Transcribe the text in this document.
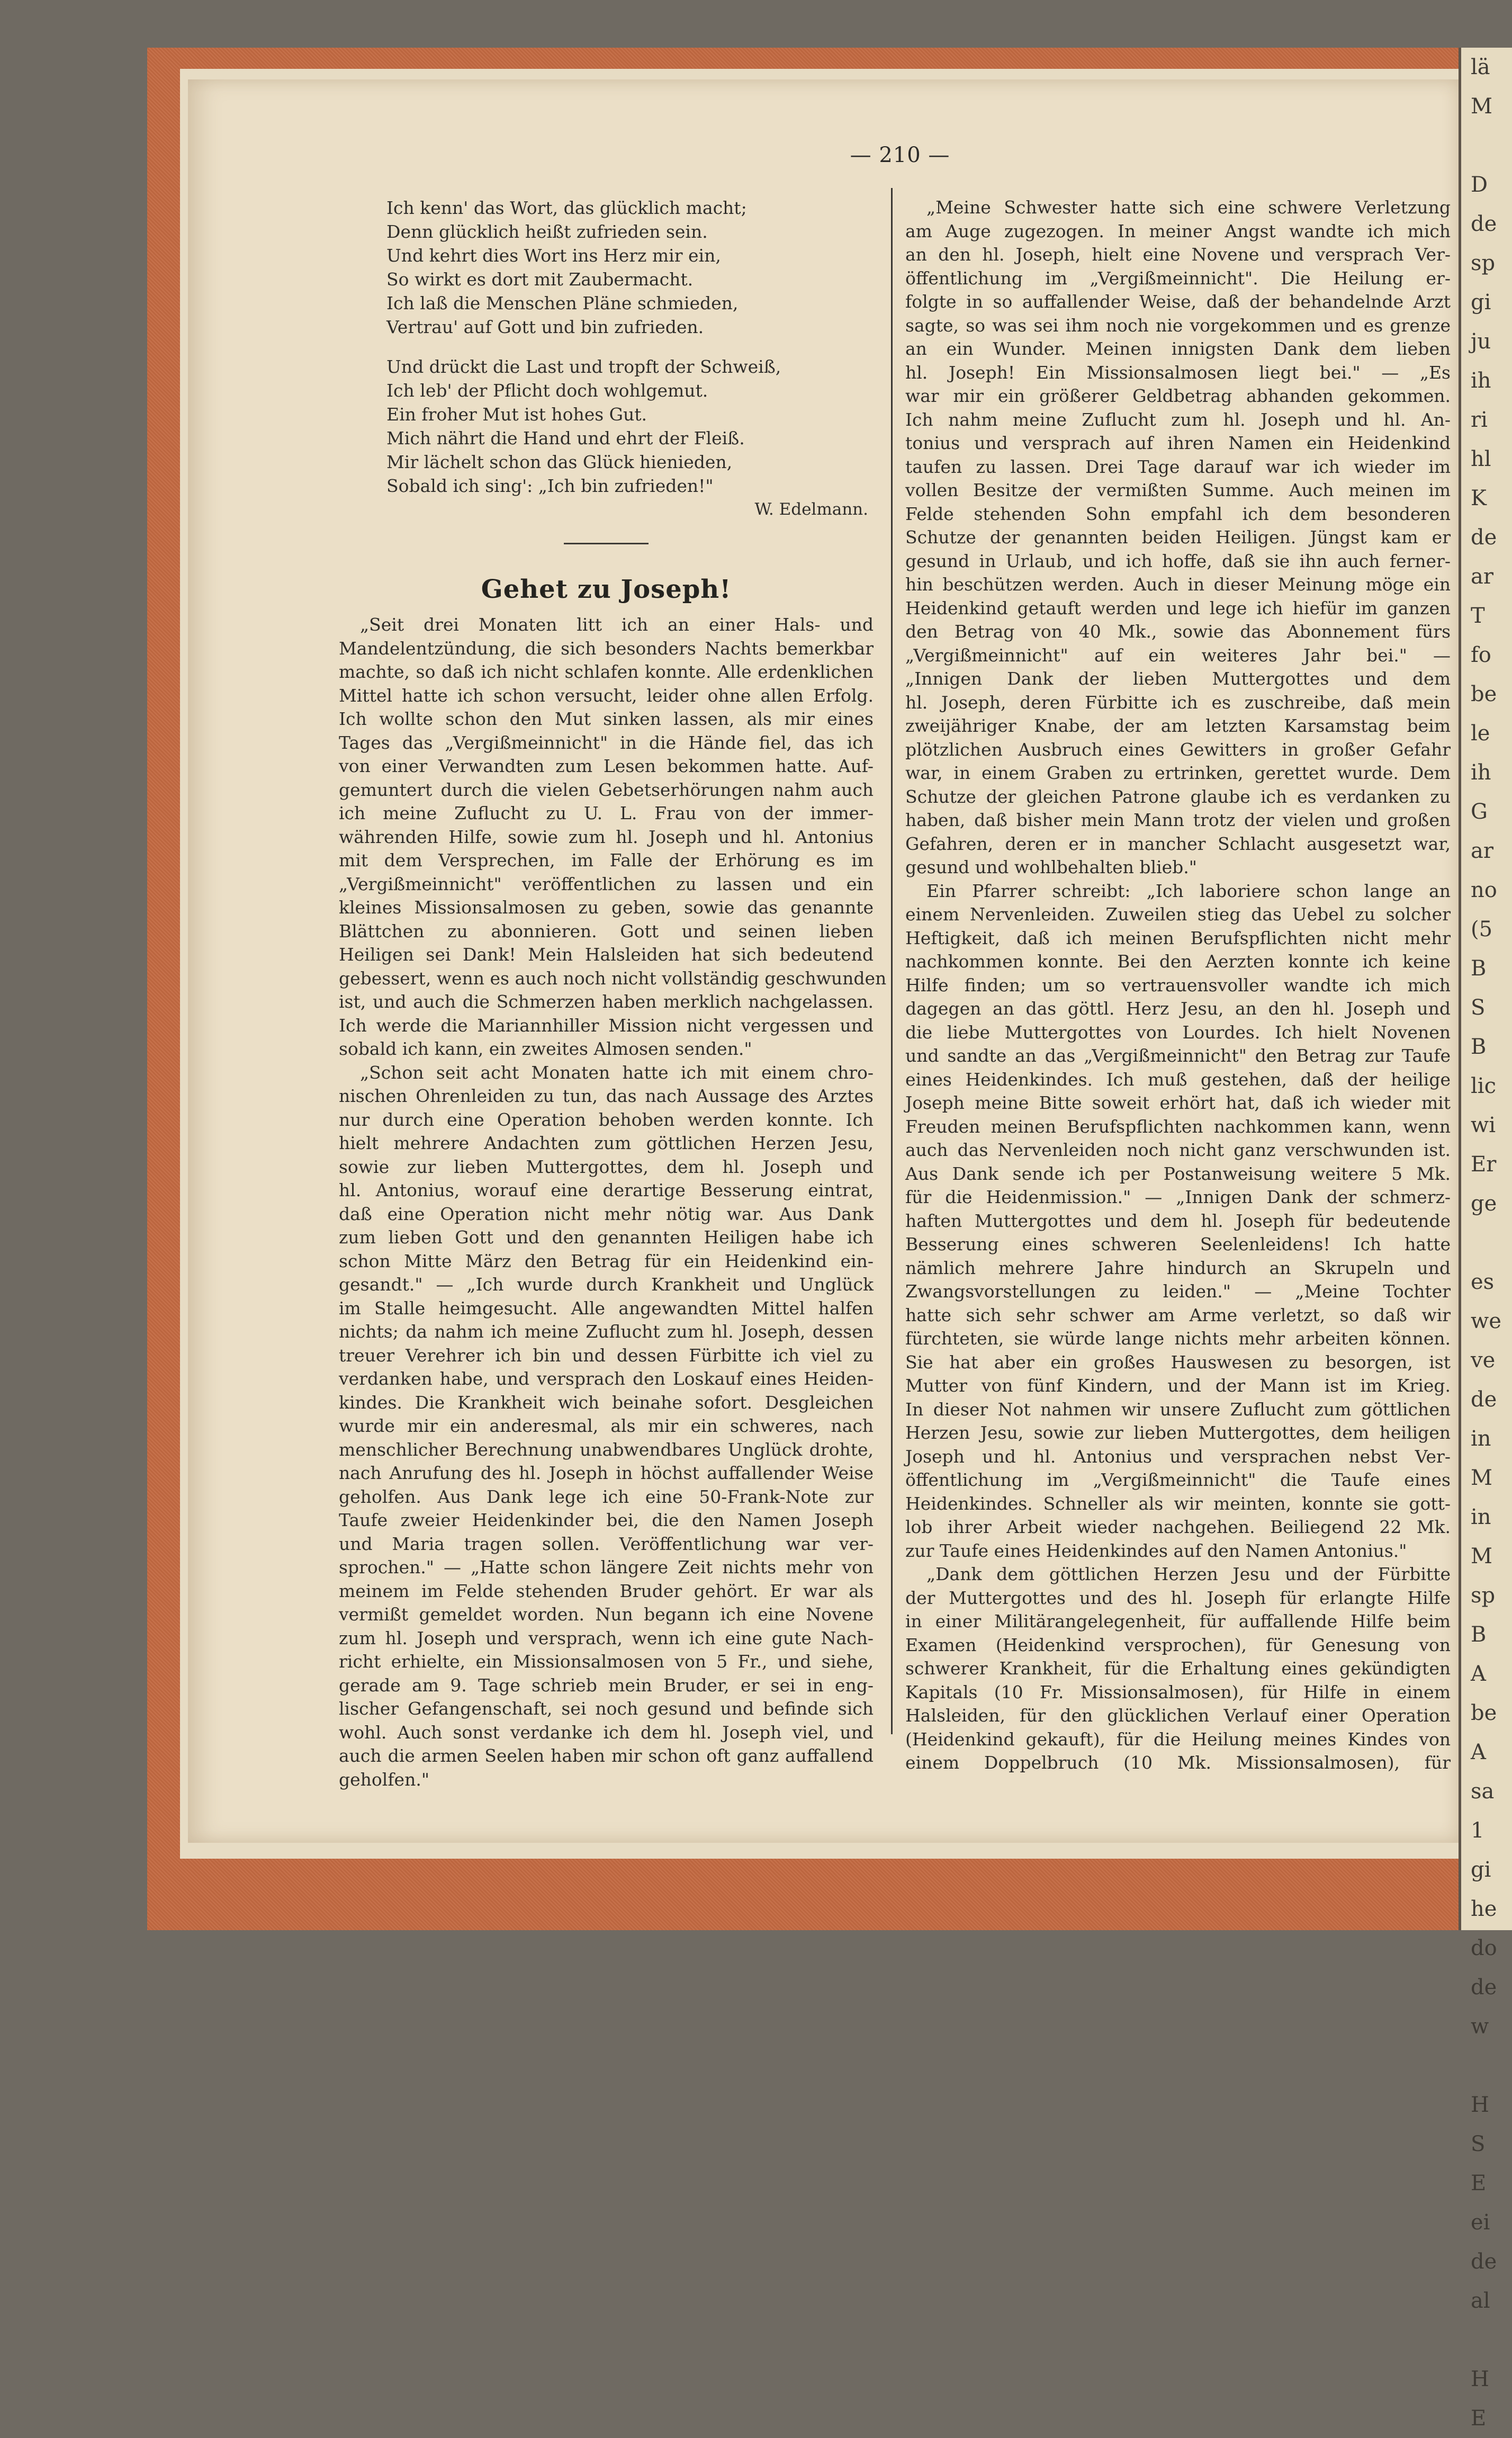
lä
M
D
de
sp
gi
ju
ih
ri
hl
K
de
ar
T
fo
be
le
ih
G
ar
no
(5
B
S
B
lic
wi
Er
ge
es
we
ve
de
in
M
in
M
sp
B
A
be
A
sa
1
gi
he
do
de
w
H
S
E
ei
de
al
H
E
— 210 —
Ich kenn' das Wort, das glücklich macht;
Denn glücklich heißt zufrieden sein.
Und kehrt dies Wort ins Herz mir ein,
So wirkt es dort mit Zaubermacht.
Ich laß die Menschen Pläne schmieden,
Vertrau' auf Gott und bin zufrieden.
Und drückt die Last und tropft der Schweiß,
Ich leb' der Pflicht doch wohlgemut.
Ein froher Mut ist hohes Gut.
Mich nährt die Hand und ehrt der Fleiß.
Mir lächelt schon das Glück hienieden,
Sobald ich sing': „Ich bin zufrieden!"
W. Edelmann.
Gehet zu Joseph!
„Seit drei Monaten litt ich an einer Hals- und
Mandelentzündung, die sich besonders Nachts bemerkbar
machte, so daß ich nicht schlafen konnte. Alle erdenklichen
Mittel hatte ich schon versucht, leider ohne allen Erfolg.
Ich wollte schon den Mut sinken lassen, als mir eines
Tages das „Vergißmeinnicht" in die Hände fiel, das ich
von einer Verwandten zum Lesen bekommen hatte. Auf-
gemuntert durch die vielen Gebetserhörungen nahm auch
ich meine Zuflucht zu U. L. Frau von der immer-
währenden Hilfe, sowie zum hl. Joseph und hl. Antonius
mit dem Versprechen, im Falle der Erhörung es im
„Vergißmeinnicht" veröffentlichen zu lassen und ein
kleines Missionsalmosen zu geben, sowie das genannte
Blättchen zu abonnieren. Gott und seinen lieben
Heiligen sei Dank! Mein Halsleiden hat sich bedeutend
gebessert, wenn es auch noch nicht vollständig geschwunden
ist, und auch die Schmerzen haben merklich nachgelassen.
Ich werde die Mariannhiller Mission nicht vergessen und
sobald ich kann, ein zweites Almosen senden."
„Schon seit acht Monaten hatte ich mit einem chro-
nischen Ohrenleiden zu tun, das nach Aussage des Arztes
nur durch eine Operation behoben werden konnte. Ich
hielt mehrere Andachten zum göttlichen Herzen Jesu,
sowie zur lieben Muttergottes, dem hl. Joseph und
hl. Antonius, worauf eine derartige Besserung eintrat,
daß eine Operation nicht mehr nötig war. Aus Dank
zum lieben Gott und den genannten Heiligen habe ich
schon Mitte März den Betrag für ein Heidenkind ein-
gesandt." — „Ich wurde durch Krankheit und Unglück
im Stalle heimgesucht. Alle angewandten Mittel halfen
nichts; da nahm ich meine Zuflucht zum hl. Joseph, dessen
treuer Verehrer ich bin und dessen Fürbitte ich viel zu
verdanken habe, und versprach den Loskauf eines Heiden-
kindes. Die Krankheit wich beinahe sofort. Desgleichen
wurde mir ein anderesmal, als mir ein schweres, nach
menschlicher Berechnung unabwendbares Unglück drohte,
nach Anrufung des hl. Joseph in höchst auffallender Weise
geholfen. Aus Dank lege ich eine 50-Frank-Note zur
Taufe zweier Heidenkinder bei, die den Namen Joseph
und Maria tragen sollen. Veröffentlichung war ver-
sprochen." — „Hatte schon längere Zeit nichts mehr von
meinem im Felde stehenden Bruder gehört. Er war als
vermißt gemeldet worden. Nun begann ich eine Novene
zum hl. Joseph und versprach, wenn ich eine gute Nach-
richt erhielte, ein Missionsalmosen von 5 Fr., und siehe,
gerade am 9. Tage schrieb mein Bruder, er sei in eng-
lischer Gefangenschaft, sei noch gesund und befinde sich
wohl. Auch sonst verdanke ich dem hl. Joseph viel, und
auch die armen Seelen haben mir schon oft ganz auffallend
geholfen."
„Meine Schwester hatte sich eine schwere Verletzung
am Auge zugezogen. In meiner Angst wandte ich mich
an den hl. Joseph, hielt eine Novene und versprach Ver-
öffentlichung im „Vergißmeinnicht". Die Heilung er-
folgte in so auffallender Weise, daß der behandelnde Arzt
sagte, so was sei ihm noch nie vorgekommen und es grenze
an ein Wunder. Meinen innigsten Dank dem lieben
hl. Joseph! Ein Missionsalmosen liegt bei." — „Es
war mir ein größerer Geldbetrag abhanden gekommen.
Ich nahm meine Zuflucht zum hl. Joseph und hl. An-
tonius und versprach auf ihren Namen ein Heidenkind
taufen zu lassen. Drei Tage darauf war ich wieder im
vollen Besitze der vermißten Summe. Auch meinen im
Felde stehenden Sohn empfahl ich dem besonderen
Schutze der genannten beiden Heiligen. Jüngst kam er
gesund in Urlaub, und ich hoffe, daß sie ihn auch ferner-
hin beschützen werden. Auch in dieser Meinung möge ein
Heidenkind getauft werden und lege ich hiefür im ganzen
den Betrag von 40 Mk., sowie das Abonnement fürs
„Vergißmeinnicht" auf ein weiteres Jahr bei." —
„Innigen Dank der lieben Muttergottes und dem
hl. Joseph, deren Fürbitte ich es zuschreibe, daß mein
zweijähriger Knabe, der am letzten Karsamstag beim
plötzlichen Ausbruch eines Gewitters in großer Gefahr
war, in einem Graben zu ertrinken, gerettet wurde. Dem
Schutze der gleichen Patrone glaube ich es verdanken zu
haben, daß bisher mein Mann trotz der vielen und großen
Gefahren, deren er in mancher Schlacht ausgesetzt war,
gesund und wohlbehalten blieb."
Ein Pfarrer schreibt: „Ich laboriere schon lange an
einem Nervenleiden. Zuweilen stieg das Uebel zu solcher
Heftigkeit, daß ich meinen Berufspflichten nicht mehr
nachkommen konnte. Bei den Aerzten konnte ich keine
Hilfe finden; um so vertrauensvoller wandte ich mich
dagegen an das göttl. Herz Jesu, an den hl. Joseph und
die liebe Muttergottes von Lourdes. Ich hielt Novenen
und sandte an das „Vergißmeinnicht" den Betrag zur Taufe
eines Heidenkindes. Ich muß gestehen, daß der heilige
Joseph meine Bitte soweit erhört hat, daß ich wieder mit
Freuden meinen Berufspflichten nachkommen kann, wenn
auch das Nervenleiden noch nicht ganz verschwunden ist.
Aus Dank sende ich per Postanweisung weitere 5 Mk.
für die Heidenmission." — „Innigen Dank der schmerz-
haften Muttergottes und dem hl. Joseph für bedeutende
Besserung eines schweren Seelenleidens! Ich hatte
nämlich mehrere Jahre hindurch an Skrupeln und
Zwangsvorstellungen zu leiden." — „Meine Tochter
hatte sich sehr schwer am Arme verletzt, so daß wir
fürchteten, sie würde lange nichts mehr arbeiten können.
Sie hat aber ein großes Hauswesen zu besorgen, ist
Mutter von fünf Kindern, und der Mann ist im Krieg.
In dieser Not nahmen wir unsere Zuflucht zum göttlichen
Herzen Jesu, sowie zur lieben Muttergottes, dem heiligen
Joseph und hl. Antonius und versprachen nebst Ver-
öffentlichung im „Vergißmeinnicht" die Taufe eines
Heidenkindes. Schneller als wir meinten, konnte sie gott-
lob ihrer Arbeit wieder nachgehen. Beiliegend 22 Mk.
zur Taufe eines Heidenkindes auf den Namen Antonius."
„Dank dem göttlichen Herzen Jesu und der Fürbitte
der Muttergottes und des hl. Joseph für erlangte Hilfe
in einer Militärangelegenheit, für auffallende Hilfe beim
Examen (Heidenkind versprochen), für Genesung von
schwerer Krankheit, für die Erhaltung eines gekündigten
Kapitals (10 Fr. Missionsalmosen), für Hilfe in einem
Halsleiden, für den glücklichen Verlauf einer Operation
(Heidenkind gekauft), für die Heilung meines Kindes von
einem Doppelbruch (10 Mk. Missionsalmosen), für
